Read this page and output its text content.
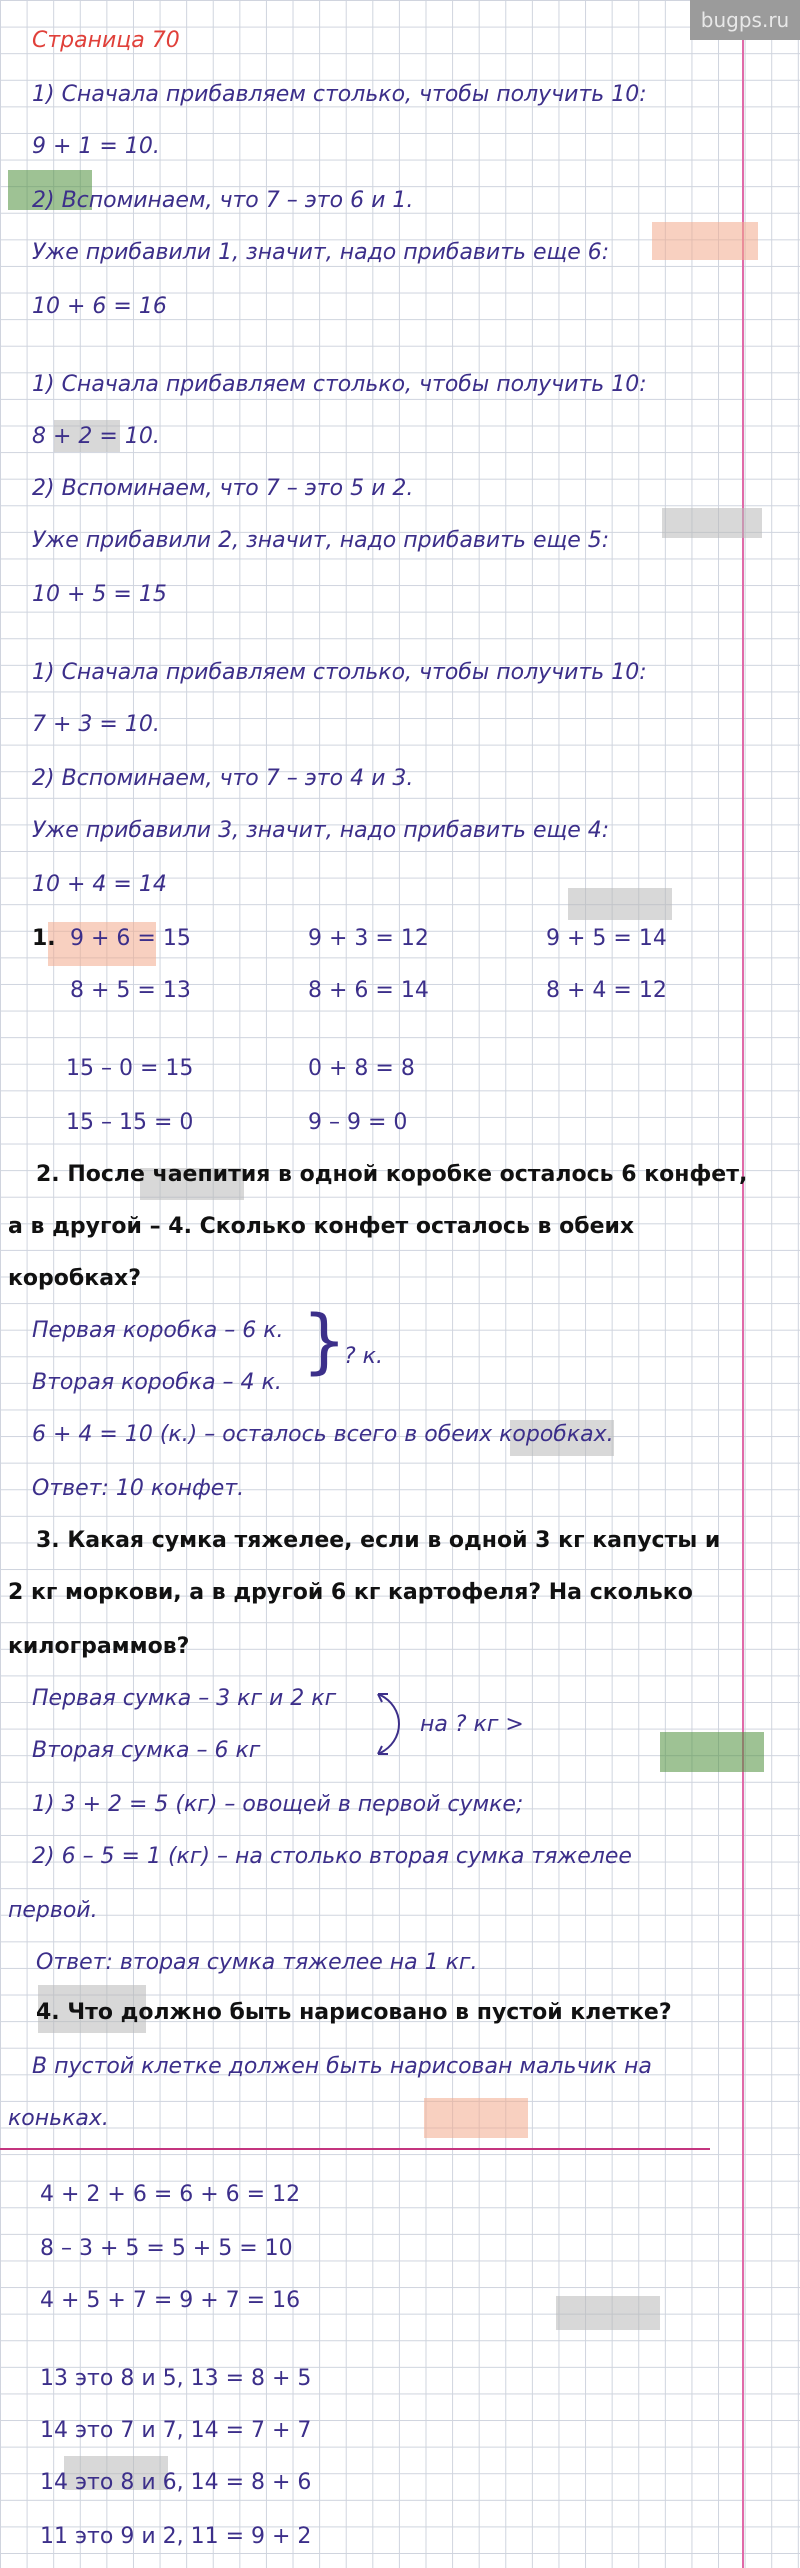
bugps.ru
Страница 70
1) Сначала прибавляем столько, чтобы получить 10:
9 + 1 = 10.
2) Вспоминаем, что 7 – это 6 и 1.
Уже прибавили 1, значит, надо прибавить еще 6:
10 + 6 = 16
1) Сначала прибавляем столько, чтобы получить 10:
8 + 2 = 10.
2) Вспоминаем, что 7 – это 5 и 2.
Уже прибавили 2, значит, надо прибавить еще 5:
10 + 5 = 15
1) Сначала прибавляем столько, чтобы получить 10:
7 + 3 = 10.
2) Вспоминаем, что 7 – это 4 и 3.
Уже прибавили 3, значит, надо прибавить еще 4:
10 + 4 = 14
1. 9 + 6 = 15	9 + 3 = 12	9 + 5 = 14
8 + 5 = 13	8 + 6 = 14	8 + 4 = 12
15 – 0 = 15	0 + 8 = 8
15 – 15 = 0	9 – 9 = 0
2. После чаепития в одной коробке осталось 6 конфет,
а в другой – 4. Сколько конфет осталось в обеих
коробках?
Первая коробка – 6 к.
Вторая коробка – 4 к.
}
? к.
6 + 4 = 10 (к.) – осталось всего в обеих коробках.
Ответ: 10 конфет.
3. Какая сумка тяжелее, если в одной 3 кг капусты и
2 кг моркови, а в другой 6 кг картофеля? На сколько
килограммов?
Первая сумка – 3 кг и 2 кг
Вторая сумка – 6 кг
на ? кг >
1) 3 + 2 = 5 (кг) – овощей в первой сумке;
2) 6 – 5 = 1 (кг) – на столько вторая сумка тяжелее
первой.
Ответ: вторая сумка тяжелее на 1 кг.
4. Что должно быть нарисовано в пустой клетке?
В пустой клетке должен быть нарисован мальчик на
коньках.
4 + 2 + 6 = 6 + 6 = 12
8 – 3 + 5 = 5 + 5 = 10
4 + 5 + 7 = 9 + 7 = 16
13 это 8 и 5, 13 = 8 + 5
14 это 7 и 7, 14 = 7 + 7
14 это 8 и 6, 14 = 8 + 6
11 это 9 и 2, 11 = 9 + 2
